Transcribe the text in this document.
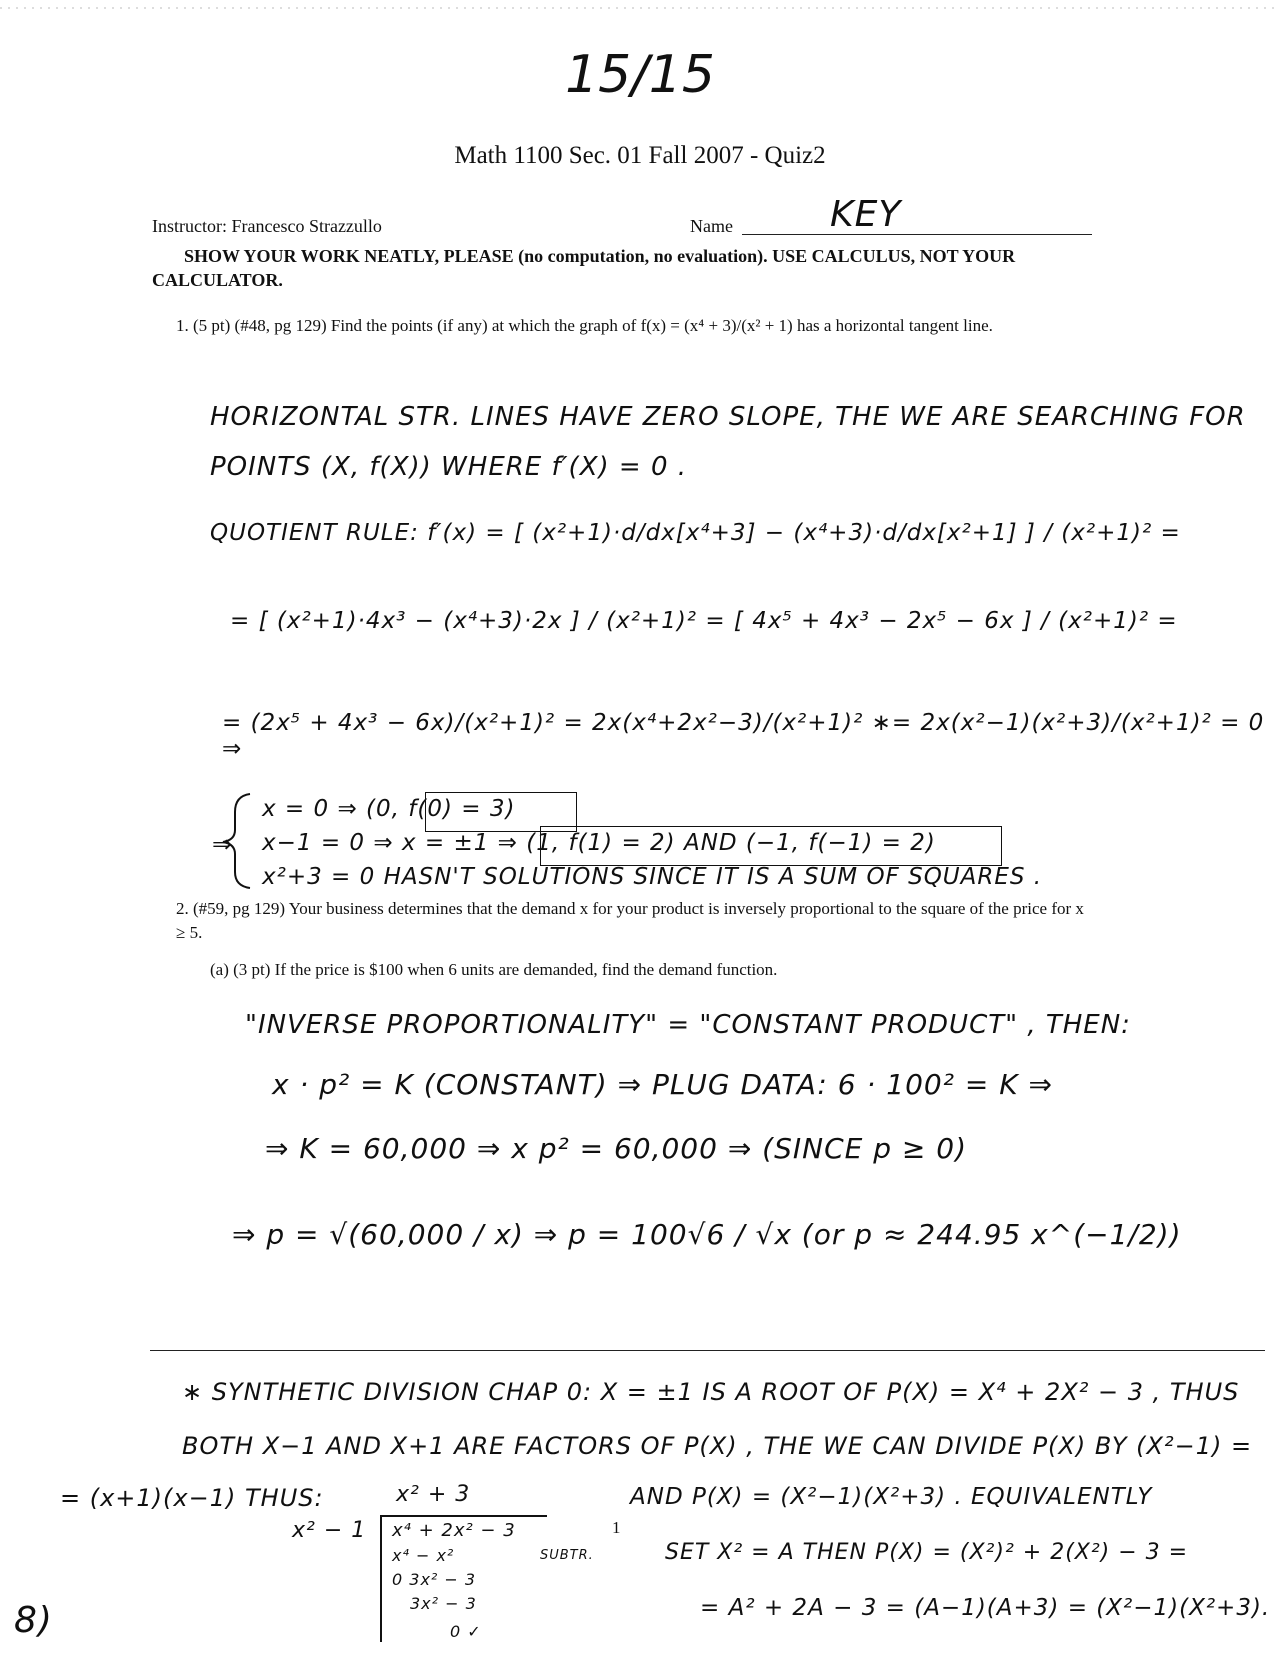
15/15
Math 1100 Sec. 01 Fall 2007 - Quiz2
Instructor: Francesco Strazzullo	Name	KEY
SHOW YOUR WORK NEATLY, PLEASE (no computation, no evaluation). USE CALCULUS, NOT YOUR CALCULATOR.
1. (5 pt) (#48, pg 129) Find the points (if any) at which the graph of f(x) = (x⁴ + 3)/(x² + 1) has a horizontal tangent line.
HORIZONTAL STR. LINES HAVE ZERO SLOPE, THE WE ARE SEARCHING FOR
POINTS (X, f(X)) WHERE f′(X) = 0 .
QUOTIENT RULE: f′(x) = [ (x²+1)·d/dx[x⁴+3] − (x⁴+3)·d/dx[x²+1] ] / (x²+1)² =
= [ (x²+1)·4x³ − (x⁴+3)·2x ] / (x²+1)² = [ 4x⁵ + 4x³ − 2x⁵ − 6x ] / (x²+1)² =
= (2x⁵ + 4x³ − 6x)/(x²+1)² = 2x(x⁴+2x²−3)/(x²+1)² ∗= 2x(x²−1)(x²+3)/(x²+1)² = 0 ⇒
⇒
x = 0 ⇒ (0, f(0) = 3)
x−1 = 0 ⇒ x = ±1 ⇒ (1, f(1) = 2) AND (−1, f(−1) = 2)
x²+3 = 0 HASN'T SOLUTIONS SINCE IT IS A SUM OF SQUARES .
2. (#59, pg 129) Your business determines that the demand x for your product is inversely proportional to the square of the price for x ≥ 5.
(a) (3 pt) If the price is $100 when 6 units are demanded, find the demand function.
"INVERSE PROPORTIONALITY" = "CONSTANT PRODUCT" , THEN:
x · p² = K (CONSTANT) ⇒ PLUG DATA: 6 · 100² = K ⇒
⇒ K = 60,000 ⇒ x p² = 60,000 ⇒ (SINCE p ≥ 0)
⇒ p = √(60,000 / x) ⇒ p = 100√6 / √x (or p ≈ 244.95 x^(−1/2))
∗ SYNTHETIC DIVISION CHAP 0: X = ±1 IS A ROOT OF P(X) = X⁴ + 2X² − 3 , THUS
BOTH X−1 AND X+1 ARE FACTORS OF P(X) , THE WE CAN DIVIDE P(X) BY (X²−1) =
= (x+1)(x−1) THUS:	x² + 3
x² − 1 x⁴ + 2x² − 3
x⁴ − x²
0 3x² − 3
3x² − 3
0 ✓
SUBTR.
1
AND P(X) = (X²−1)(X²+3) . EQUIVALENTLY
SET X² = A THEN P(X) = (X²)² + 2(X²) − 3 =
= A² + 2A − 3 = (A−1)(A+3) = (X²−1)(X²+3).
8)
